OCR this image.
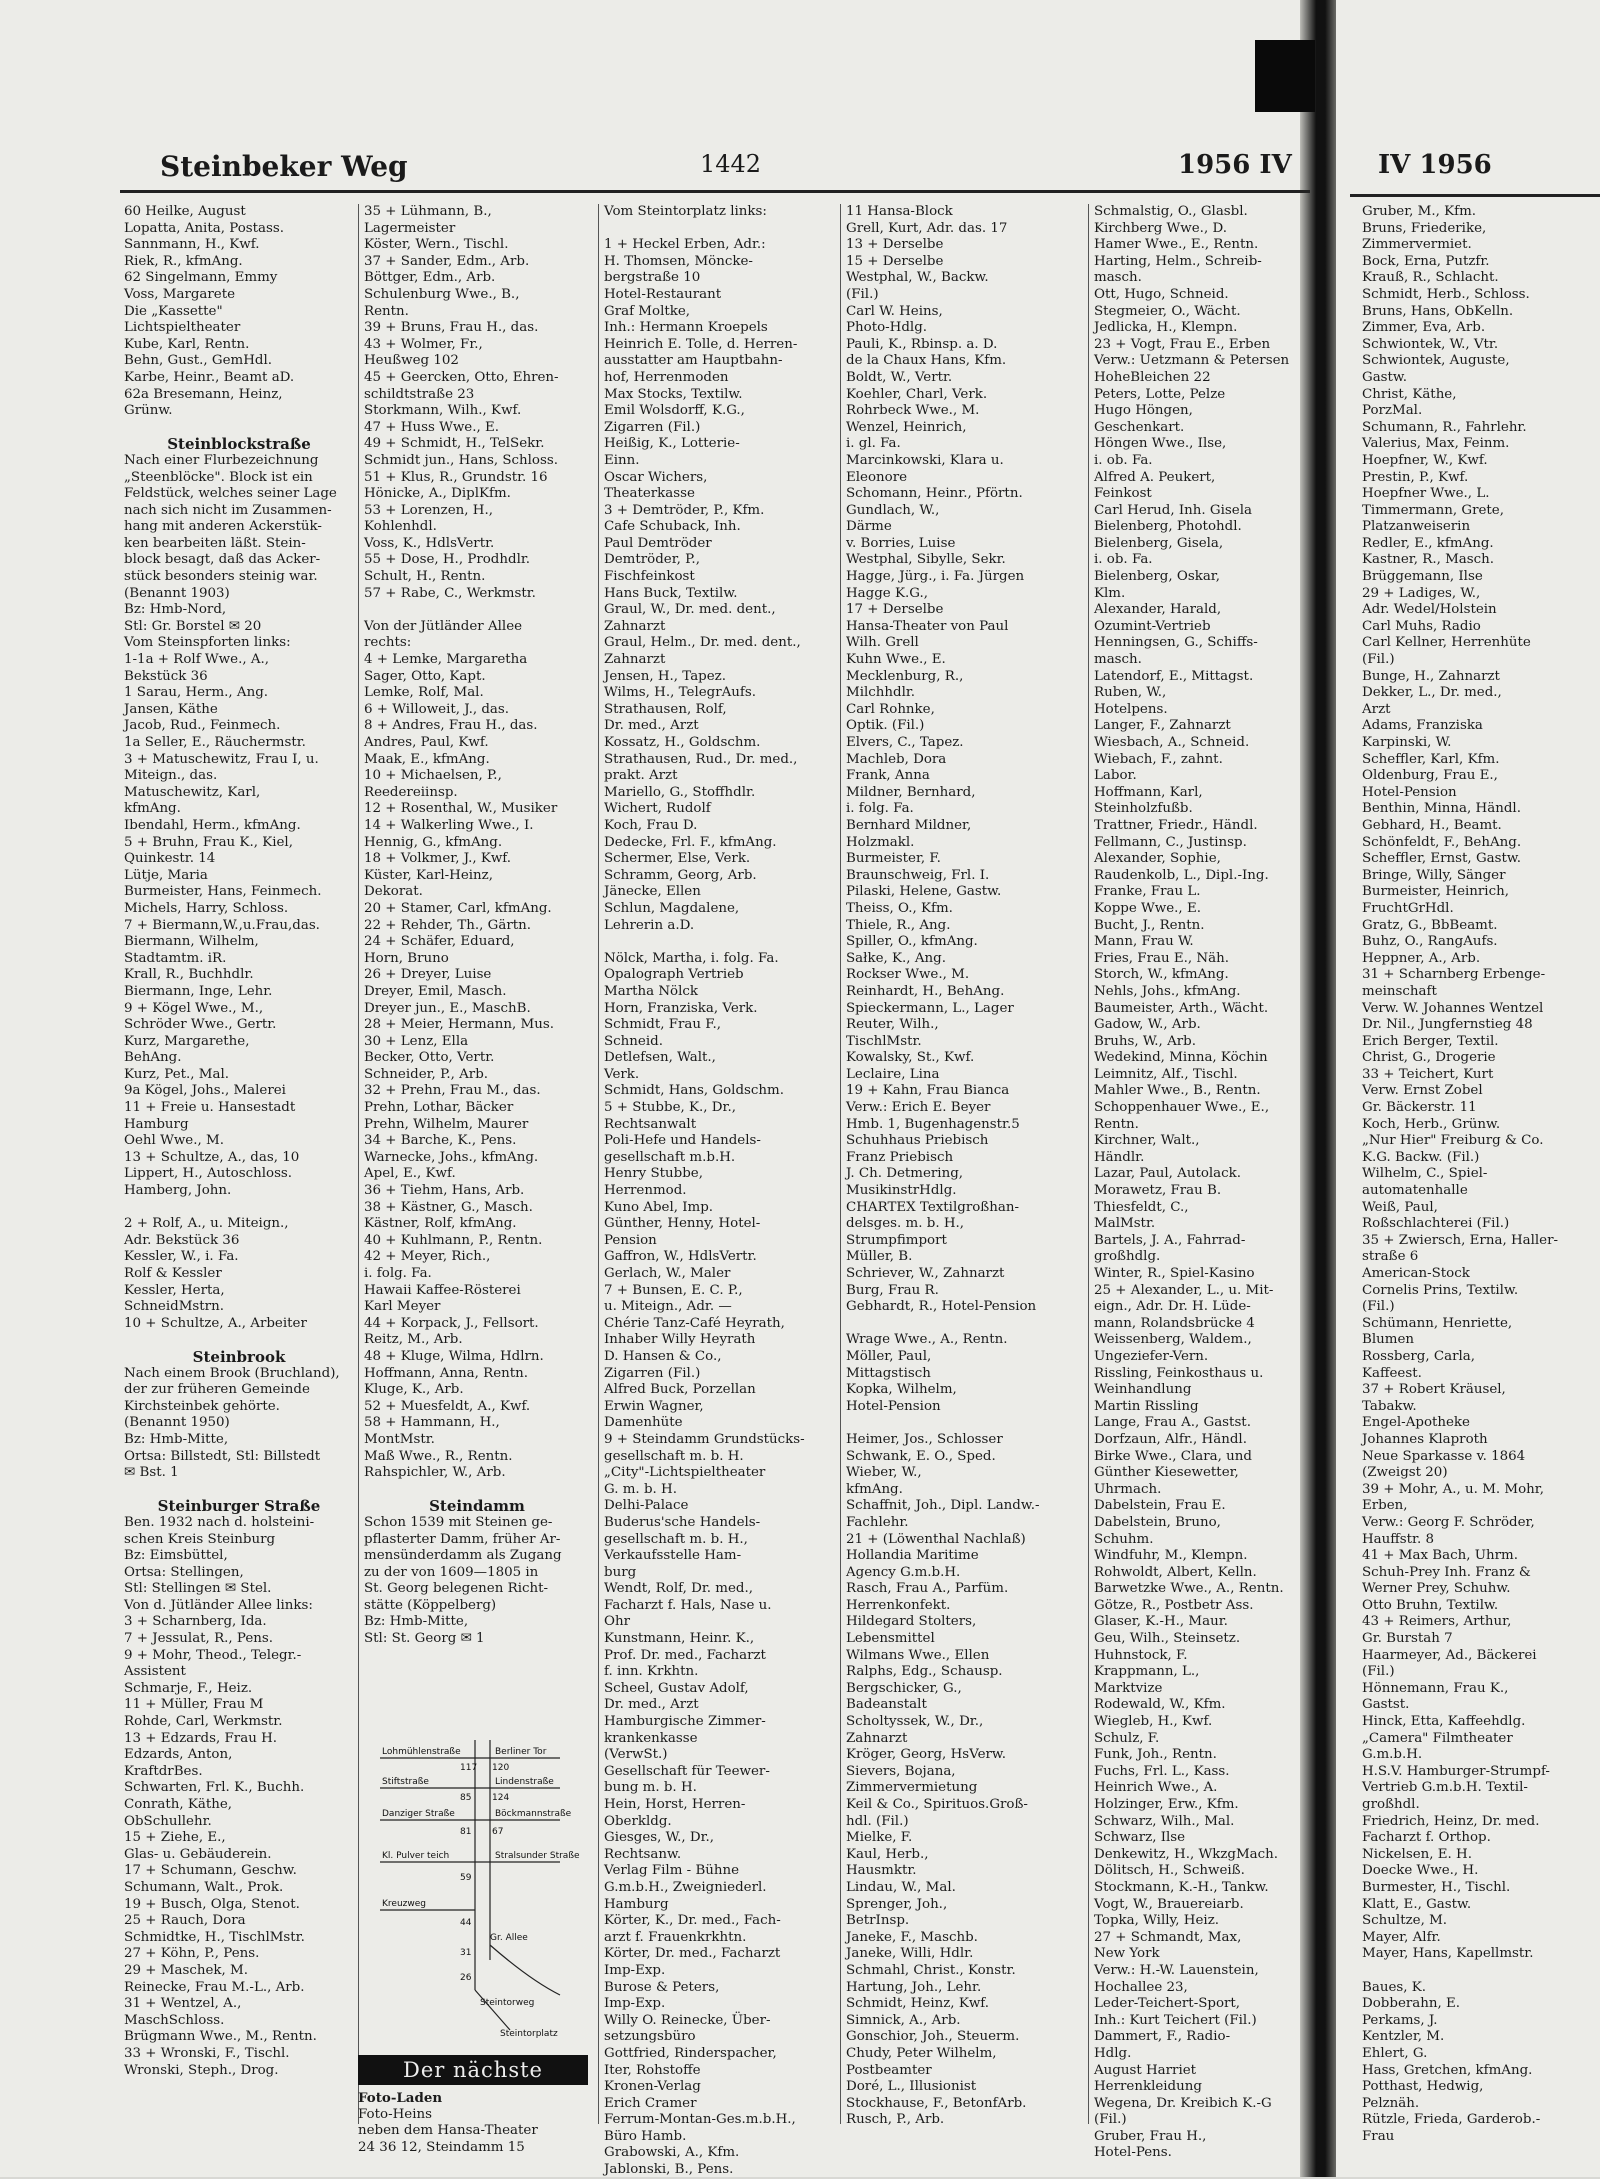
Steinbeker Weg	1442	1956 IV	IV 1956
60 Heilke, August
Lopatta, Anita, Postass.
Sannmann, H., Kwf.
Riek, R., kfmAng.
62 Singelmann, Emmy
Voss, Margarete
Die „Kassette"
Lichtspieltheater
Kube, Karl, Rentn.
Behn, Gust., GemHdl.
Karbe, Heinr., Beamt aD.
62a Bresemann, Heinz,
Grünw.
Steinblockstraße
Nach einer Flurbezeichnung
„Steenblöcke". Block ist ein
Feldstück, welches seiner Lage
nach sich nicht im Zusammen-
hang mit anderen Ackerstük-
ken bearbeiten läßt. Stein-
block besagt, daß das Acker-
stück besonders steinig war.
(Benannt 1903)
Bz: Hmb-Nord,
Stl: Gr. Borstel ✉ 20
Vom Steinspforten links:
1-1a + Rolf Wwe., A.,
Bekstück 36
1 Sarau, Herm., Ang.
Jansen, Käthe
Jacob, Rud., Feinmech.
1a Seller, E., Räuchermstr.
3 + Matuschewitz, Frau I, u.
Miteign., das.
Matuschewitz, Karl,
kfmAng.
Ibendahl, Herm., kfmAng.
5 + Bruhn, Frau K., Kiel,
Quinkestr. 14
Lütje, Maria
Burmeister, Hans, Feinmech.
Michels, Harry, Schloss.
7 + Biermann,W.,u.Frau,das.
Biermann, Wilhelm,
Stadtamtm. iR.
Krall, R., Buchhdlr.
Biermann, Inge, Lehr.
9 + Kögel Wwe., M.,
Schröder Wwe., Gertr.
Kurz, Margarethe,
BehAng.
Kurz, Pet., Mal.
9a Kögel, Johs., Malerei
11 + Freie u. Hansestadt
Hamburg
Oehl Wwe., M.
13 + Schultze, A., das, 10
Lippert, H., Autoschloss.
Hamberg, John.
2 + Rolf, A., u. Miteign.,
Adr. Bekstück 36
Kessler, W., i. Fa.
Rolf & Kessler
Kessler, Herta,
SchneidMstrn.
10 + Schultze, A., Arbeiter
Steinbrook
Nach einem Brook (Bruchland),
der zur früheren Gemeinde
Kirchsteinbek gehörte.
(Benannt 1950)
Bz: Hmb-Mitte,
Ortsa: Billstedt, Stl: Billstedt
✉ Bst. 1
Steinburger Straße
Ben. 1932 nach d. holsteini-
schen Kreis Steinburg
Bz: Eimsbüttel,
Ortsa: Stellingen,
Stl: Stellingen ✉ Stel.
Von d. Jütländer Allee links:
3 + Scharnberg, Ida.
7 + Jessulat, R., Pens.
9 + Mohr, Theod., Telegr.-
Assistent
Schmarje, F., Heiz.
11 + Müller, Frau M
Rohde, Carl, Werkmstr.
13 + Edzards, Frau H.
Edzards, Anton,
KraftdrBes.
Schwarten, Frl. K., Buchh.
Conrath, Käthe,
ObSchullehr.
15 + Ziehe, E.,
Glas- u. Gebäuderein.
17 + Schumann, Geschw.
Schumann, Walt., Prok.
19 + Busch, Olga, Stenot.
25 + Rauch, Dora
Schmidtke, H., TischlMstr.
27 + Köhn, P., Pens.
29 + Maschek, M.
Reinecke, Frau M.-L., Arb.
31 + Wentzel, A.,
MaschSchloss.
Brügmann Wwe., M., Rentn.
33 + Wronski, F., Tischl.
Wronski, Steph., Drog.
35 + Lühmann, B.,
Lagermeister
Köster, Wern., Tischl.
37 + Sander, Edm., Arb.
Böttger, Edm., Arb.
Schulenburg Wwe., B.,
Rentn.
39 + Bruns, Frau H., das.
43 + Wolmer, Fr.,
Heußweg 102
45 + Geercken, Otto, Ehren-
schildtstraße 23
Storkmann, Wilh., Kwf.
47 + Huss Wwe., E.
49 + Schmidt, H., TelSekr.
Schmidt jun., Hans, Schloss.
51 + Klus, R., Grundstr. 16
Hönicke, A., DiplKfm.
53 + Lorenzen, H.,
Kohlenhdl.
Voss, K., HdlsVertr.
55 + Dose, H., Prodhdlr.
Schult, H., Rentn.
57 + Rabe, C., Werkmstr.
Von der Jütländer Allee
rechts:
4 + Lemke, Margaretha
Sager, Otto, Kapt.
Lemke, Rolf, Mal.
6 + Willoweit, J., das.
8 + Andres, Frau H., das.
Andres, Paul, Kwf.
Maak, E., kfmAng.
10 + Michaelsen, P.,
Reedereiinsp.
12 + Rosenthal, W., Musiker
14 + Walkerling Wwe., I.
Hennig, G., kfmAng.
18 + Volkmer, J., Kwf.
Küster, Karl-Heinz,
Dekorat.
20 + Stamer, Carl, kfmAng.
22 + Rehder, Th., Gärtn.
24 + Schäfer, Eduard,
Horn, Bruno
26 + Dreyer, Luise
Dreyer, Emil, Masch.
Dreyer jun., E., MaschB.
28 + Meier, Hermann, Mus.
30 + Lenz, Ella
Becker, Otto, Vertr.
Schneider, P., Arb.
32 + Prehn, Frau M., das.
Prehn, Lothar, Bäcker
Prehn, Wilhelm, Maurer
34 + Barche, K., Pens.
Warnecke, Johs., kfmAng.
Apel, E., Kwf.
36 + Tiehm, Hans, Arb.
38 + Kästner, G., Masch.
Kästner, Rolf, kfmAng.
40 + Kuhlmann, P., Rentn.
42 + Meyer, Rich.,
i. folg. Fa.
Hawaii Kaffee-Rösterei
Karl Meyer
44 + Korpack, J., Fellsort.
Reitz, M., Arb.
48 + Kluge, Wilma, Hdlrn.
Hoffmann, Anna, Rentn.
Kluge, K., Arb.
52 + Muesfeldt, A., Kwf.
58 + Hammann, H.,
MontMstr.
Maß Wwe., R., Rentn.
Rahspichler, W., Arb.
Steindamm
Schon 1539 mit Steinen ge-
pflasterter Damm, früher Ar-
mensünderdamm als Zugang
zu der von 1609—1805 in
St. Georg belegenen Richt-
stätte (Köppelberg)
Bz: Hmb-Mitte,
Stl: St. Georg ✉ 1
Vom Steintorplatz links:
1 + Heckel Erben, Adr.:
H. Thomsen, Möncke-
bergstraße 10
Hotel-Restaurant
Graf Moltke,
Inh.: Hermann Kroepels
Heinrich E. Tolle, d. Herren-
ausstatter am Hauptbahn-
hof, Herrenmoden
Max Stocks, Textilw.
Emil Wolsdorff, K.G.,
Zigarren (Fil.)
Heißig, K., Lotterie-
Einn.
Oscar Wichers,
Theaterkasse
3 + Demtröder, P., Kfm.
Cafe Schuback, Inh.
Paul Demtröder
Demtröder, P.,
Fischfeinkost
Hans Buck, Textilw.
Graul, W., Dr. med. dent.,
Zahnarzt
Graul, Helm., Dr. med. dent.,
Zahnarzt
Jensen, H., Tapez.
Wilms, H., TelegrAufs.
Strathausen, Rolf,
Dr. med., Arzt
Kossatz, H., Goldschm.
Strathausen, Rud., Dr. med.,
prakt. Arzt
Mariello, G., Stoffhdlr.
Wichert, Rudolf
Koch, Frau D.
Dedecke, Frl. F., kfmAng.
Schermer, Else, Verk.
Schramm, Georg, Arb.
Jänecke, Ellen
Schlun, Magdalene,
Lehrerin a.D.
Nölck, Martha, i. folg. Fa.
Opalograph Vertrieb
Martha Nölck
Horn, Franziska, Verk.
Schmidt, Frau F.,
Schneid.
Detlefsen, Walt.,
Verk.
Schmidt, Hans, Goldschm.
5 + Stubbe, K., Dr.,
Rechtsanwalt
Poli-Hefe und Handels-
gesellschaft m.b.H.
Henry Stubbe,
Herrenmod.
Kuno Abel, Imp.
Günther, Henny, Hotel-
Pension
Gaffron, W., HdlsVertr.
Gerlach, W., Maler
7 + Bunsen, E. C. P.,
u. Miteign., Adr. —
Chérie Tanz-Café Heyrath,
Inhaber Willy Heyrath
D. Hansen & Co.,
Zigarren (Fil.)
Alfred Buck, Porzellan
Erwin Wagner,
Damenhüte
9 + Steindamm Grundstücks-
gesellschaft m. b. H.
„City"-Lichtspieltheater
G. m. b. H.
Delhi-Palace
Buderus'sche Handels-
gesellschaft m. b. H.,
Verkaufsstelle Ham-
burg
Wendt, Rolf, Dr. med.,
Facharzt f. Hals, Nase u.
Ohr
Kunstmann, Heinr. K.,
Prof. Dr. med., Facharzt
f. inn. Krkhtn.
Scheel, Gustav Adolf,
Dr. med., Arzt
Hamburgische Zimmer-
krankenkasse
(VerwSt.)
Gesellschaft für Teewer-
bung m. b. H.
Hein, Horst, Herren-
Oberkldg.
Giesges, W., Dr.,
Rechtsanw.
Verlag Film - Bühne
G.m.b.H., Zweigniederl.
Hamburg
Körter, K., Dr. med., Fach-
arzt f. Frauenkrkhtn.
Körter, Dr. med., Facharzt
Imp-Exp.
Burose & Peters,
Imp-Exp.
Willy O. Reinecke, Über-
setzungsbüro
Gottfried, Rinderspacher,
Iter, Rohstoffe
Kronen-Verlag
Erich Cramer
Ferrum-Montan-Ges.m.b.H.,
Büro Hamb.
Grabowski, A., Kfm.
Jablonski, B., Pens.
11 Hansa-Block
Grell, Kurt, Adr. das. 17
13 + Derselbe
15 + Derselbe
Westphal, W., Backw.
(Fil.)
Carl W. Heins,
Photo-Hdlg.
Pauli, K., Rbinsp. a. D.
de la Chaux Hans, Kfm.
Boldt, W., Vertr.
Koehler, Charl, Verk.
Rohrbeck Wwe., M.
Wenzel, Heinrich,
i. gl. Fa.
Marcinkowski, Klara u.
Eleonore
Schomann, Heinr., Pförtn.
Gundlach, W.,
Därme
v. Borries, Luise
Westphal, Sibylle, Sekr.
Hagge, Jürg., i. Fa. Jürgen
Hagge K.G.,
17 + Derselbe
Hansa-Theater von Paul
Wilh. Grell
Kuhn Wwe., E.
Mecklenburg, R.,
Milchhdlr.
Carl Rohnke,
Optik. (Fil.)
Elvers, C., Tapez.
Machleb, Dora
Frank, Anna
Mildner, Bernhard,
i. folg. Fa.
Bernhard Mildner,
Holzmakl.
Burmeister, F.
Braunschweig, Frl. I.
Pilaski, Helene, Gastw.
Theiss, O., Kfm.
Thiele, R., Ang.
Spiller, O., kfmAng.
Sałke, K., Ang.
Rockser Wwe., M.
Reinhardt, H., BehAng.
Spieckermann, L., Lager
Reuter, Wilh.,
TischlMstr.
Kowalsky, St., Kwf.
Leclaire, Lina
19 + Kahn, Frau Bianca
Verw.: Erich E. Beyer
Hmb. 1, Bugenhagenstr.5
Schuhhaus Priebisch
Franz Priebisch
J. Ch. Detmering,
MusikinstrHdlg.
CHARTEX Textilgroßhan-
delsges. m. b. H.,
Strumpfimport
Müller, B.
Schriever, W., Zahnarzt
Burg, Frau R.
Gebhardt, R., Hotel-Pension
Wrage Wwe., A., Rentn.
Möller, Paul,
Mittagstisch
Kopka, Wilhelm,
Hotel-Pension
Heimer, Jos., Schlosser
Schwank, E. O., Sped.
Wieber, W.,
kfmAng.
Schaffnit, Joh., Dipl. Landw.-
Fachlehr.
21 + (Löwenthal Nachlaß)
Hollandia Maritime
Agency G.m.b.H.
Rasch, Frau A., Parfüm.
Herrenkonfekt.
Hildegard Stolters,
Lebensmittel
Wilmans Wwe., Ellen
Ralphs, Edg., Schausp.
Bergschicker, G.,
Badeanstalt
Scholtyssek, W., Dr.,
Zahnarzt
Kröger, Georg, HsVerw.
Sievers, Bojana,
Zimmervermietung
Keil & Co., Spirituos.Groß-
hdl. (Fil.)
Mielke, F.
Kaul, Herb.,
Hausmktr.
Lindau, W., Mal.
Sprenger, Joh.,
BetrInsp.
Janeke, F., Maschb.
Janeke, Willi, Hdlr.
Schmahl, Christ., Konstr.
Hartung, Joh., Lehr.
Schmidt, Heinz, Kwf.
Simnick, A., Arb.
Gonschior, Joh., Steuerm.
Chudy, Peter Wilhelm,
Postbeamter
Doré, L., Illusionist
Stockhause, F., BetonfArb.
Rusch, P., Arb.
Schmalstig, O., Glasbl.
Kirchberg Wwe., D.
Hamer Wwe., E., Rentn.
Harting, Helm., Schreib-
masch.
Ott, Hugo, Schneid.
Stegmeier, O., Wächt.
Jedlicka, H., Klempn.
23 + Vogt, Frau E., Erben
Verw.: Uetzmann & Petersen
HoheBleichen 22
Peters, Lotte, Pelze
Hugo Höngen,
Geschenkart.
Höngen Wwe., Ilse,
i. ob. Fa.
Alfred A. Peukert,
Feinkost
Carl Herud, Inh. Gisela
Bielenberg, Photohdl.
Bielenberg, Gisela,
i. ob. Fa.
Bielenberg, Oskar,
Klm.
Alexander, Harald,
Ozumint-Vertrieb
Henningsen, G., Schiffs-
masch.
Latendorf, E., Mittagst.
Ruben, W.,
Hotelpens.
Langer, F., Zahnarzt
Wiesbach, A., Schneid.
Wiebach, F., zahnt.
Labor.
Hoffmann, Karl,
Steinholzfußb.
Trattner, Friedr., Händl.
Fellmann, C., Justinsp.
Alexander, Sophie,
Raudenkolb, L., Dipl.-Ing.
Franke, Frau L.
Koppe Wwe., E.
Bucht, J., Rentn.
Mann, Frau W.
Fries, Frau E., Näh.
Storch, W., kfmAng.
Nehls, Johs., kfmAng.
Baumeister, Arth., Wächt.
Gadow, W., Arb.
Bruhs, W., Arb.
Wedekind, Minna, Köchin
Leimnitz, Alf., Tischl.
Mahler Wwe., B., Rentn.
Schoppenhauer Wwe., E.,
Rentn.
Kirchner, Walt.,
Händlr.
Lazar, Paul, Autolack.
Morawetz, Frau B.
Thiesfeldt, C.,
MalMstr.
Bartels, J. A., Fahrrad-
großhdlg.
Winter, R., Spiel-Kasino
25 + Alexander, L., u. Mit-
eign., Adr. Dr. H. Lüde-
mann, Rolandsbrücke 4
Weissenberg, Waldem.,
Ungeziefer-Vern.
Rissling, Feinkosthaus u.
Weinhandlung
Martin Rissling
Lange, Frau A., Gastst.
Dorfzaun, Alfr., Händl.
Birke Wwe., Clara, und
Günther Kiesewetter,
Uhrmach.
Dabelstein, Frau E.
Dabelstein, Bruno,
Schuhm.
Windfuhr, M., Klempn.
Rohwoldt, Albert, Kelln.
Barwetzke Wwe., A., Rentn.
Götze, R., Postbetr Ass.
Glaser, K.-H., Maur.
Geu, Wilh., Steinsetz.
Huhnstock, F.
Krappmann, L.,
Marktvize
Rodewald, W., Kfm.
Wiegleb, H., Kwf.
Schulz, F.
Funk, Joh., Rentn.
Fuchs, Frl. L., Kass.
Heinrich Wwe., A.
Holzinger, Erw., Kfm.
Schwarz, Wilh., Mal.
Schwarz, Ilse
Denkewitz, H., WkzgMach.
Dölitsch, H., Schweiß.
Stockmann, K.-H., Tankw.
Vogt, W., Brauereiarb.
Topka, Willy, Heiz.
27 + Schmandt, Max,
New York
Verw.: H.-W. Lauenstein,
Hochallee 23,
Leder-Teichert-Sport,
Inh.: Kurt Teichert (Fil.)
Dammert, F., Radio-
Hdlg.
August Harriet
Herrenkleidung
Wegena, Dr. Kreibich K.-G
(Fil.)
Gruber, Frau H.,
Hotel-Pens.
Gruber, M., Kfm.
Bruns, Friederike,
Zimmervermiet.
Bock, Erna, Putzfr.
Krauß, R., Schlacht.
Schmidt, Herb., Schloss.
Bruns, Hans, ObKelln.
Zimmer, Eva, Arb.
Schwiontek, W., Vtr.
Schwiontek, Auguste,
Gastw.
Christ, Käthe,
PorzMal.
Schumann, R., Fahrlehr.
Valerius, Max, Feinm.
Hoepfner, W., Kwf.
Prestin, P., Kwf.
Hoepfner Wwe., L.
Timmermann, Grete,
Platzanweiserin
Redler, E., kfmAng.
Kastner, R., Masch.
Brüggemann, Ilse
29 + Ladiges, W.,
Adr. Wedel/Holstein
Carl Muhs, Radio
Carl Kellner, Herrenhüte
(Fil.)
Bunge, H., Zahnarzt
Dekker, L., Dr. med.,
Arzt
Adams, Franziska
Karpinski, W.
Scheffler, Karl, Kfm.
Oldenburg, Frau E.,
Hotel-Pension
Benthin, Minna, Händl.
Gebhard, H., Beamt.
Schönfeldt, F., BehAng.
Scheffler, Ernst, Gastw.
Bringe, Willy, Sänger
Burmeister, Heinrich,
FruchtGrHdl.
Gratz, G., BbBeamt.
Buhz, O., RangAufs.
Heppner, A., Arb.
31 + Scharnberg Erbenge-
meinschaft
Verw. W. Johannes Wentzel
Dr. Nil., Jungfernstieg 48
Erich Berger, Textil.
Christ, G., Drogerie
33 + Teichert, Kurt
Verw. Ernst Zobel
Gr. Bäckerstr. 11
Koch, Herb., Grünw.
„Nur Hier" Freiburg & Co.
K.G. Backw. (Fil.)
Wilhelm, C., Spiel-
automatenhalle
Weiß, Paul,
Roßschlachterei (Fil.)
35 + Zwiersch, Erna, Haller-
straße 6
American-Stock
Cornelis Prins, Textilw.
(Fil.)
Schümann, Henriette,
Blumen
Rossberg, Carla,
Kaffeest.
37 + Robert Kräusel,
Tabakw.
Engel-Apotheke
Johannes Klaproth
Neue Sparkasse v. 1864
(Zweigst 20)
39 + Mohr, A., u. M. Mohr,
Erben,
Verw.: Georg F. Schröder,
Hauffstr. 8
41 + Max Bach, Uhrm.
Schuh-Prey Inh. Franz &
Werner Prey, Schuhw.
Otto Bruhn, Textilw.
43 + Reimers, Arthur,
Gr. Burstah 7
Haarmeyer, Ad., Bäckerei
(Fil.)
Hönnemann, Frau K.,
Gastst.
Hinck, Etta, Kaffeehdlg.
„Camera" Filmtheater
G.m.b.H.
H.S.V. Hamburger-Strumpf-
Vertrieb G.m.b.H. Textil-
großhdl.
Friedrich, Heinz, Dr. med.
Facharzt f. Orthop.
Nickelsen, E. H.
Doecke Wwe., H.
Burmester, H., Tischl.
Klatt, E., Gastw.
Schultze, M.
Mayer, Alfr.
Mayer, Hans, Kapellmstr.
Baues, K.
Dobberahn, E.
Perkams, J.
Kentzler, M.
Ehlert, G.
Hass, Gretchen, kfmAng.
Potthast, Hedwig,
Pelznäh.
Rützle, Frieda, Garderob.-
Frau
Lohmühlenstraße	Berliner Tor
Stiftstraße	Lindenstraße
Danziger Straße	Böckmannstraße
Kl. Pulver teich	Stralsunder Straße
Kreuzweg
Gr. Allee
Steintorweg
Steintorplatz
117 120
85 124
81 67
59
44
31
26
Der nächste
Foto-Laden
Foto-Heins
neben dem Hansa-Theater
24 36 12, Steindamm 15
